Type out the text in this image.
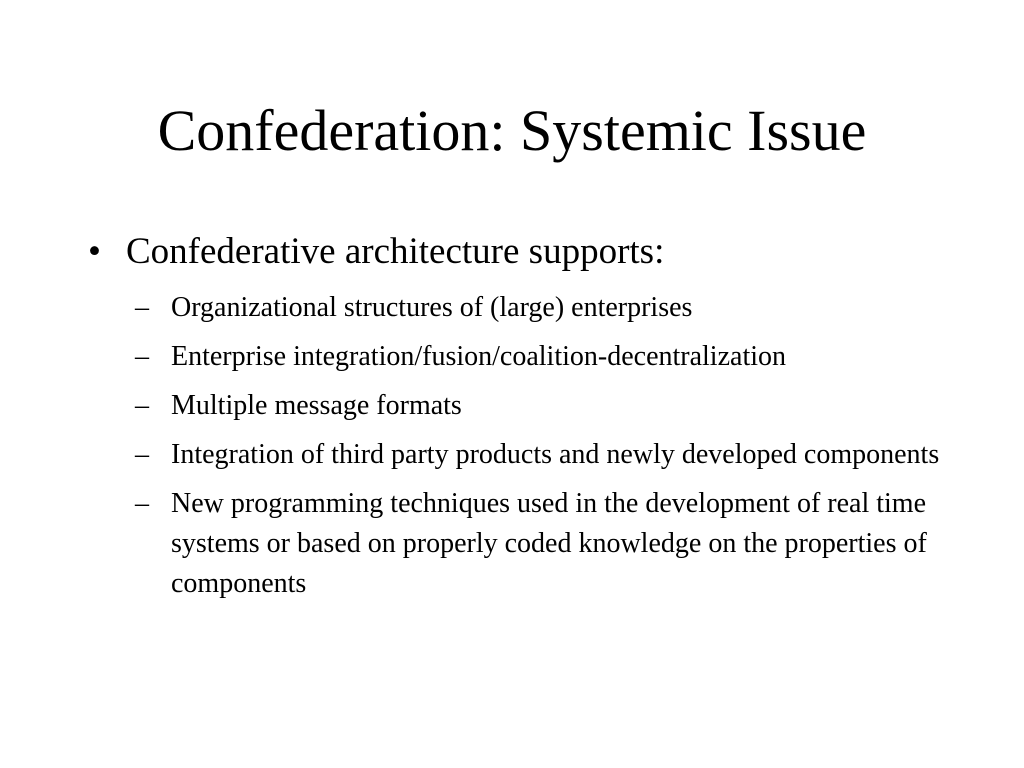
Confederation: Systemic Issue
• Confederative architecture supports:
– Organizational structures of (large) enterprises
– Enterprise integration/fusion/coalition-decentralization
– Multiple message formats
– Integration of third party products and newly developed components
– New programming techniques used in the development of real time systems or based on properly coded knowledge on the properties of components
